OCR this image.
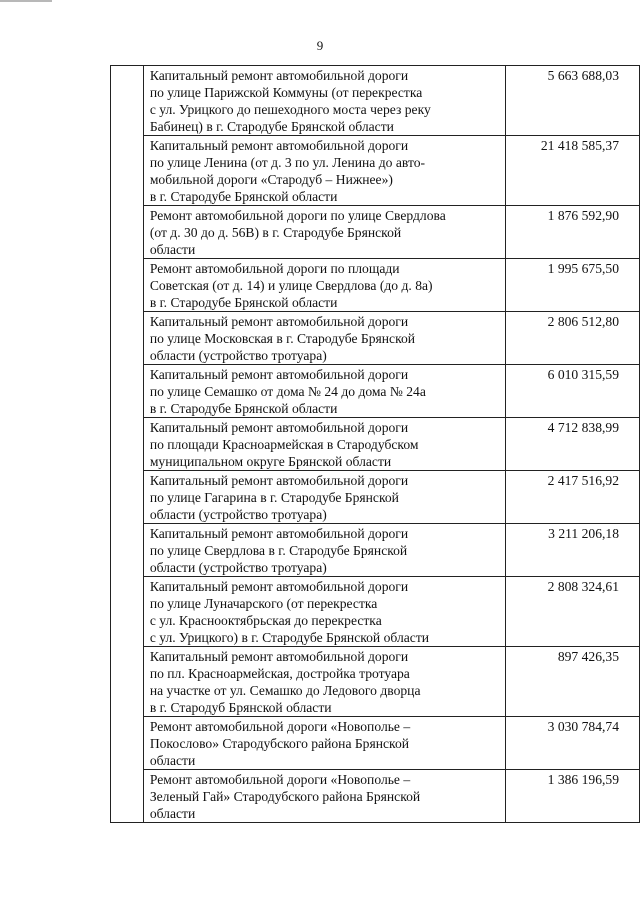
9
	Капитальный ремонт автомобильной дороги
по улице Парижской Коммуны (от перекрестка
с ул. Урицкого до пешеходного моста через реку
Бабинец) в г. Стародубе Брянской области	5 663 688,03
	Капитальный ремонт автомобильной дороги
по улице Ленина (от д. 3 по ул. Ленина до авто-
мобильной дороги «Стародуб – Нижнее»)
в г. Стародубе Брянской области	21 418 585,37
	Ремонт автомобильной дороги по улице Свердлова
(от д. 30 до д. 56В) в г. Стародубе Брянской
области	1 876 592,90
	Ремонт автомобильной дороги по площади
Советская (от д. 14) и улице Свердлова (до д. 8а)
в г. Стародубе Брянской области	1 995 675,50
	Капитальный ремонт автомобильной дороги
по улице Московская в г. Стародубе Брянской
области (устройство тротуара)	2 806 512,80
	Капитальный ремонт автомобильной дороги
по улице Семашко от дома № 24 до дома № 24а
в г. Стародубе Брянской области	6 010 315,59
	Капитальный ремонт автомобильной дороги
по площади Красноармейская в Стародубском
муниципальном округе Брянской области	4 712 838,99
	Капитальный ремонт автомобильной дороги
по улице Гагарина в г. Стародубе Брянской
области (устройство тротуара)	2 417 516,92
	Капитальный ремонт автомобильной дороги
по улице Свердлова в г. Стародубе Брянской
области (устройство тротуара)	3 211 206,18
	Капитальный ремонт автомобильной дороги
по улице Луначарского (от перекрестка
с ул. Краснооктябрьская до перекрестка
с ул. Урицкого) в г. Стародубе Брянской области	2 808 324,61
	Капитальный ремонт автомобильной дороги
по пл. Красноармейская, достройка тротуара
на участке от ул. Семашко до Ледового дворца
в г. Стародуб Брянской области	897 426,35
	Ремонт автомобильной дороги «Новополье –
Покослово» Стародубского района Брянской
области	3 030 784,74
	Ремонт автомобильной дороги «Новополье –
Зеленый Гай» Стародубского района Брянской
области	1 386 196,59
